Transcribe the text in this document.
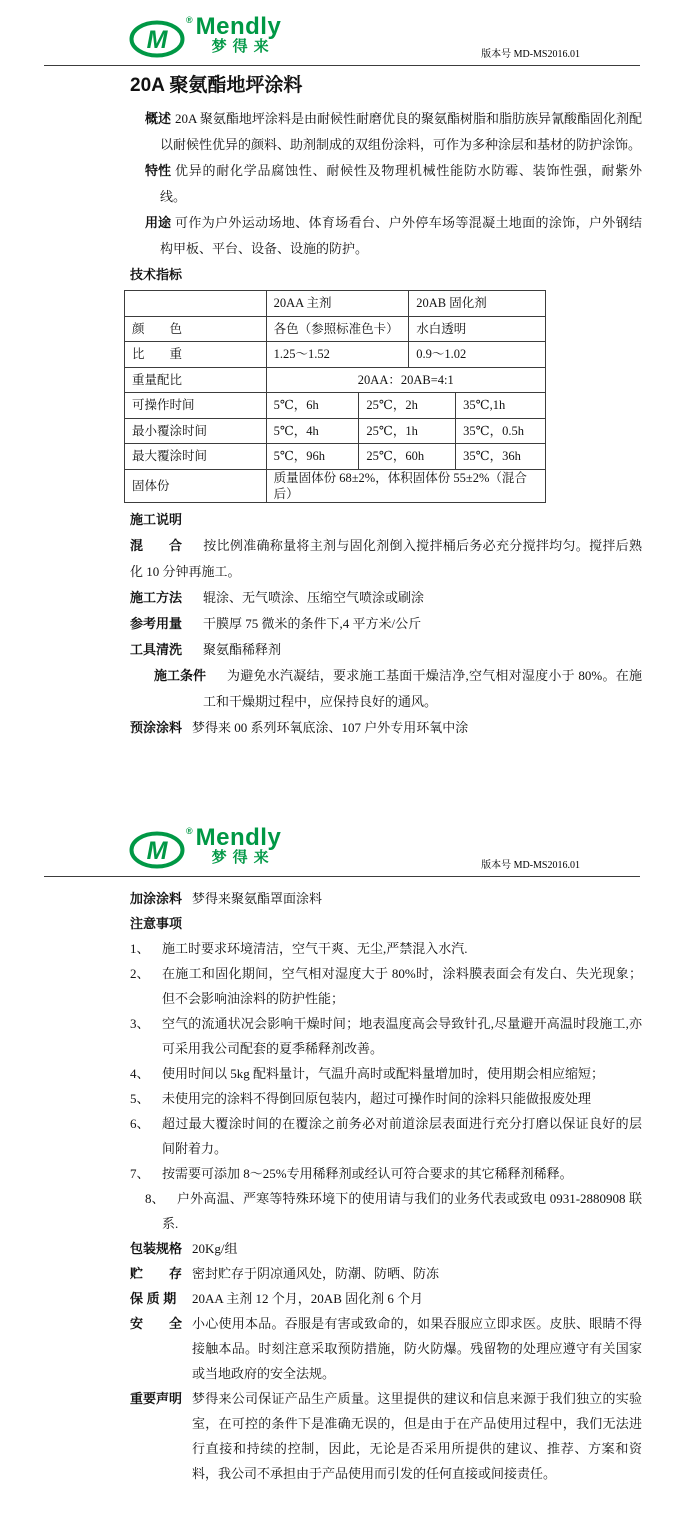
M
® Mendly
梦得来	版本号 MD-MS2016.01
20A 聚氨酯地坪涂料
概述 20A 聚氨酯地坪涂料是由耐候性耐磨优良的聚氨酯树脂和脂肪族异氰酸酯固化剂配以耐候性优异的颜料、助剂制成的双组份涂料，可作为多种涂层和基材的防护涂饰。
特性 优异的耐化学品腐蚀性、耐候性及物理机械性能防水防霉、装饰性强，耐紫外线。
用途 可作为户外运动场地、体育场看台、户外停车场等混凝土地面的涂饰，户外钢结构甲板、平台、设备、设施的防护。
技术指标
	20AA 主剂		20AB 固化剂	
颜　　色	各色（参照标准色卡）		水白透明	
比　　重	1.25～1.52		0.9～1.02	
重量配比	20AA：20AB=4:1			
可操作时间	5℃，6h	25℃，2h		35℃,1h
最小覆涂时间	5℃，4h	25℃，1h		35℃，0.5h
最大覆涂时间	5℃，96h	25℃，60h		35℃，36h
固体份	质量固体份 68±2%，体积固体份 55±2%（混合后）			
施工说明
混　　合 按比例准确称量将主剂与固化剂倒入搅拌桶后务必充分搅拌均匀。搅拌后熟化 10 分钟再施工。
施工方法 辊涂、无气喷涂、压缩空气喷涂或刷涂
参考用量 干膜厚 75 微米的条件下,4 平方米/公斤
工具清洗 聚氨酯稀释剂
施工条件 为避免水汽凝结，要求施工基面干燥洁净,空气相对湿度小于 80%。在施工和干燥期过程中，应保持良好的通风。
预涂涂料 梦得来 00 系列环氧底涂、107 户外专用环氧中涂
M
® Mendly
梦得来	版本号 MD-MS2016.01
加涂涂料 梦得来聚氨酯罩面涂料
注意事项
1、 施工时要求环境清洁，空气干爽、无尘,严禁混入水汽.
2、 在施工和固化期间，空气相对湿度大于 80%时，涂料膜表面会有发白、失光现象；但不会影响油涂料的防护性能；
3、 空气的流通状况会影响干燥时间；地表温度高会导致针孔,尽量避开高温时段施工,亦可采用我公司配套的夏季稀释剂改善。
4、 使用时间以 5kg 配料量计，气温升高时或配料量增加时，使用期会相应缩短；
5、 未使用完的涂料不得倒回原包装内，超过可操作时间的涂料只能做报废处理
6、 超过最大覆涂时间的在覆涂之前务必对前道涂层表面进行充分打磨以保证良好的层间附着力。
7、 按需要可添加 8～25%专用稀释剂或经认可符合要求的其它稀释剂稀释。
8、 户外高温、严寒等特殊环境下的使用请与我们的业务代表或致电 0931-2880908 联系.
包装规格 20Kg/组
贮　　存 密封贮存于阴凉通风处，防潮、防晒、防冻
保 质 期 20AA 主剂 12 个月，20AB 固化剂 6 个月
安　　全 小心使用本品。吞服是有害或致命的，如果吞服应立即求医。皮肤、眼睛不得接触本品。时刻注意采取预防措施，防火防爆。残留物的处理应遵守有关国家或当地政府的安全法规。
重要声明 梦得来公司保证产品生产质量。这里提供的建议和信息来源于我们独立的实验室，在可控的条件下是准确无误的，但是由于在产品使用过程中，我们无法进行直接和持续的控制，因此，无论是否采用所提供的建议、推荐、方案和资料，我公司不承担由于产品使用而引发的任何直接或间接责任。
